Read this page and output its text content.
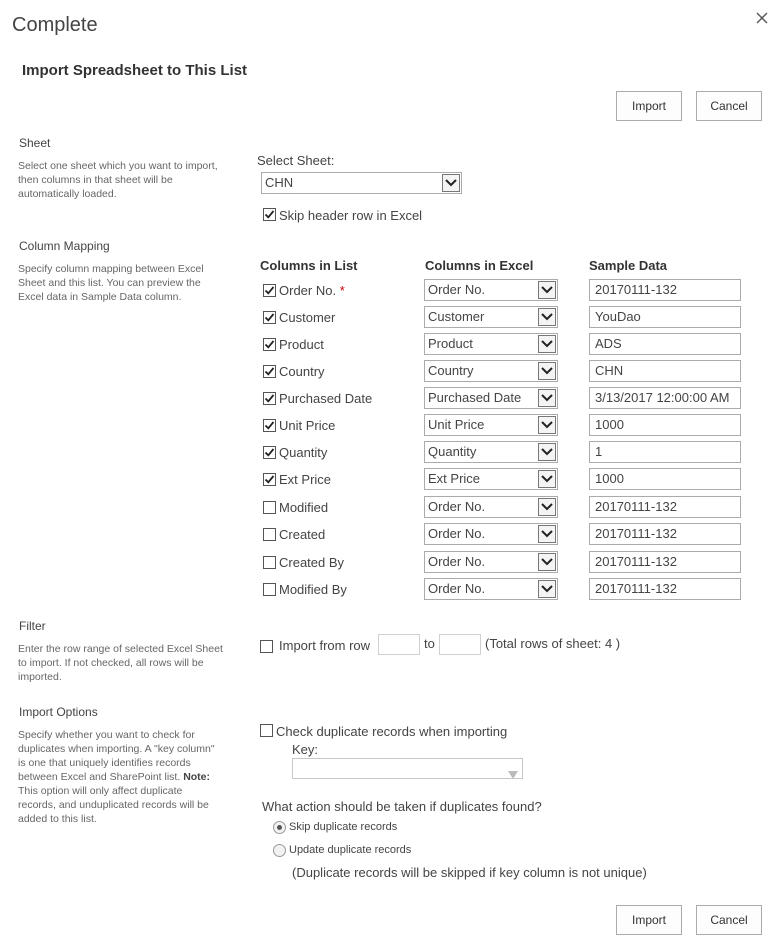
Complete
Import Spreadsheet to This List
Import	Cancel
Sheet
Select one sheet which you want to import, then columns in that sheet will be automatically loaded.
Select Sheet:
CHN
Skip header row in Excel
Column Mapping
Specify column mapping between Excel Sheet and this list. You can preview the Excel data in Sample Data column.
Columns in List	Columns in Excel	Sample Data
Order No. *	Order No.	20170111-132
Customer	Customer	YouDao
Product	Product	ADS
Country	Country	CHN
Purchased Date	Purchased Date	3/13/2017 12:00:00 AM
Unit Price	Unit Price	1000
Quantity	Quantity	1
Ext Price	Ext Price	1000
Modified	Order No.	20170111-132
Created	Order No.	20170111-132
Created By	Order No.	20170111-132
Modified By	Order No.	20170111-132
Filter
Enter the row range of selected Excel Sheet to import. If not checked, all rows will be imported.
Import from row	to	(Total rows of sheet: 4 )
Import Options
Specify whether you want to check for duplicates when importing. A "key column" is one that uniquely identifies records between Excel and SharePoint list. Note: This option will only affect duplicate records, and unduplicated records will be added to this list.
Check duplicate records when importing
Key:
What action should be taken if duplicates found?
Skip duplicate records
Update duplicate records
(Duplicate records will be skipped if key column is not unique)
Import	Cancel
